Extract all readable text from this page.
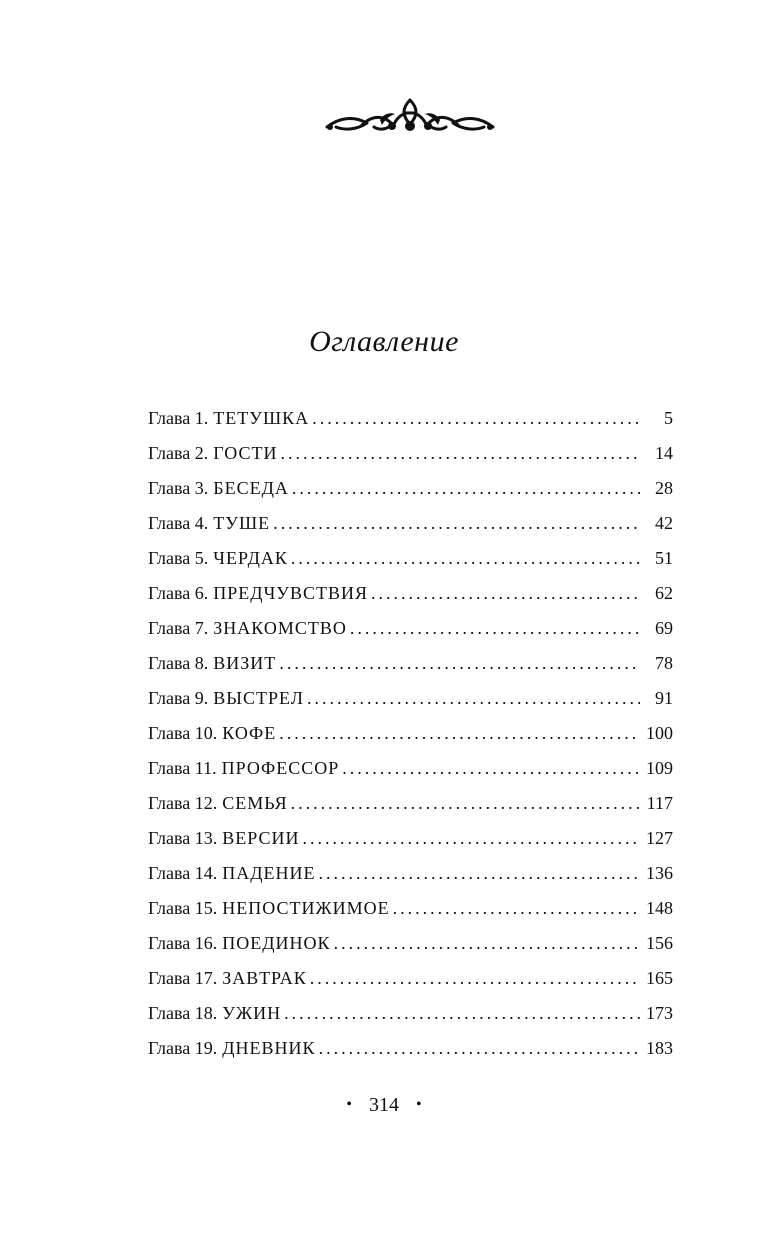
Оглавление
Глава 1. ТЕТУШКА .....	5
Глава 2. ГОСТИ .....	14
Глава 3. БЕСЕДА .....	28
Глава 4. ТУШЕ .....	42
Глава 5. ЧЕРДАК .....	51
Глава 6. ПРЕДЧУВСТВИЯ .....	62
Глава 7. ЗНАКОМСТВО .....	69
Глава 8. ВИЗИТ .....	78
Глава 9. ВЫСТРЕЛ .....	91
Глава 10. КОФЕ .....	100
Глава 11. ПРОФЕССОР .....	109
Глава 12. СЕМЬЯ .....	117
Глава 13. ВЕРСИИ .....	127
Глава 14. ПАДЕНИЕ .....	136
Глава 15. НЕПОСТИЖИМОЕ .....	148
Глава 16. ПОЕДИНОК .....	156
Глава 17. ЗАВТРАК .....	165
Глава 18. УЖИН .....	173
Глава 19. ДНЕВНИК .....	183
• 314 •
